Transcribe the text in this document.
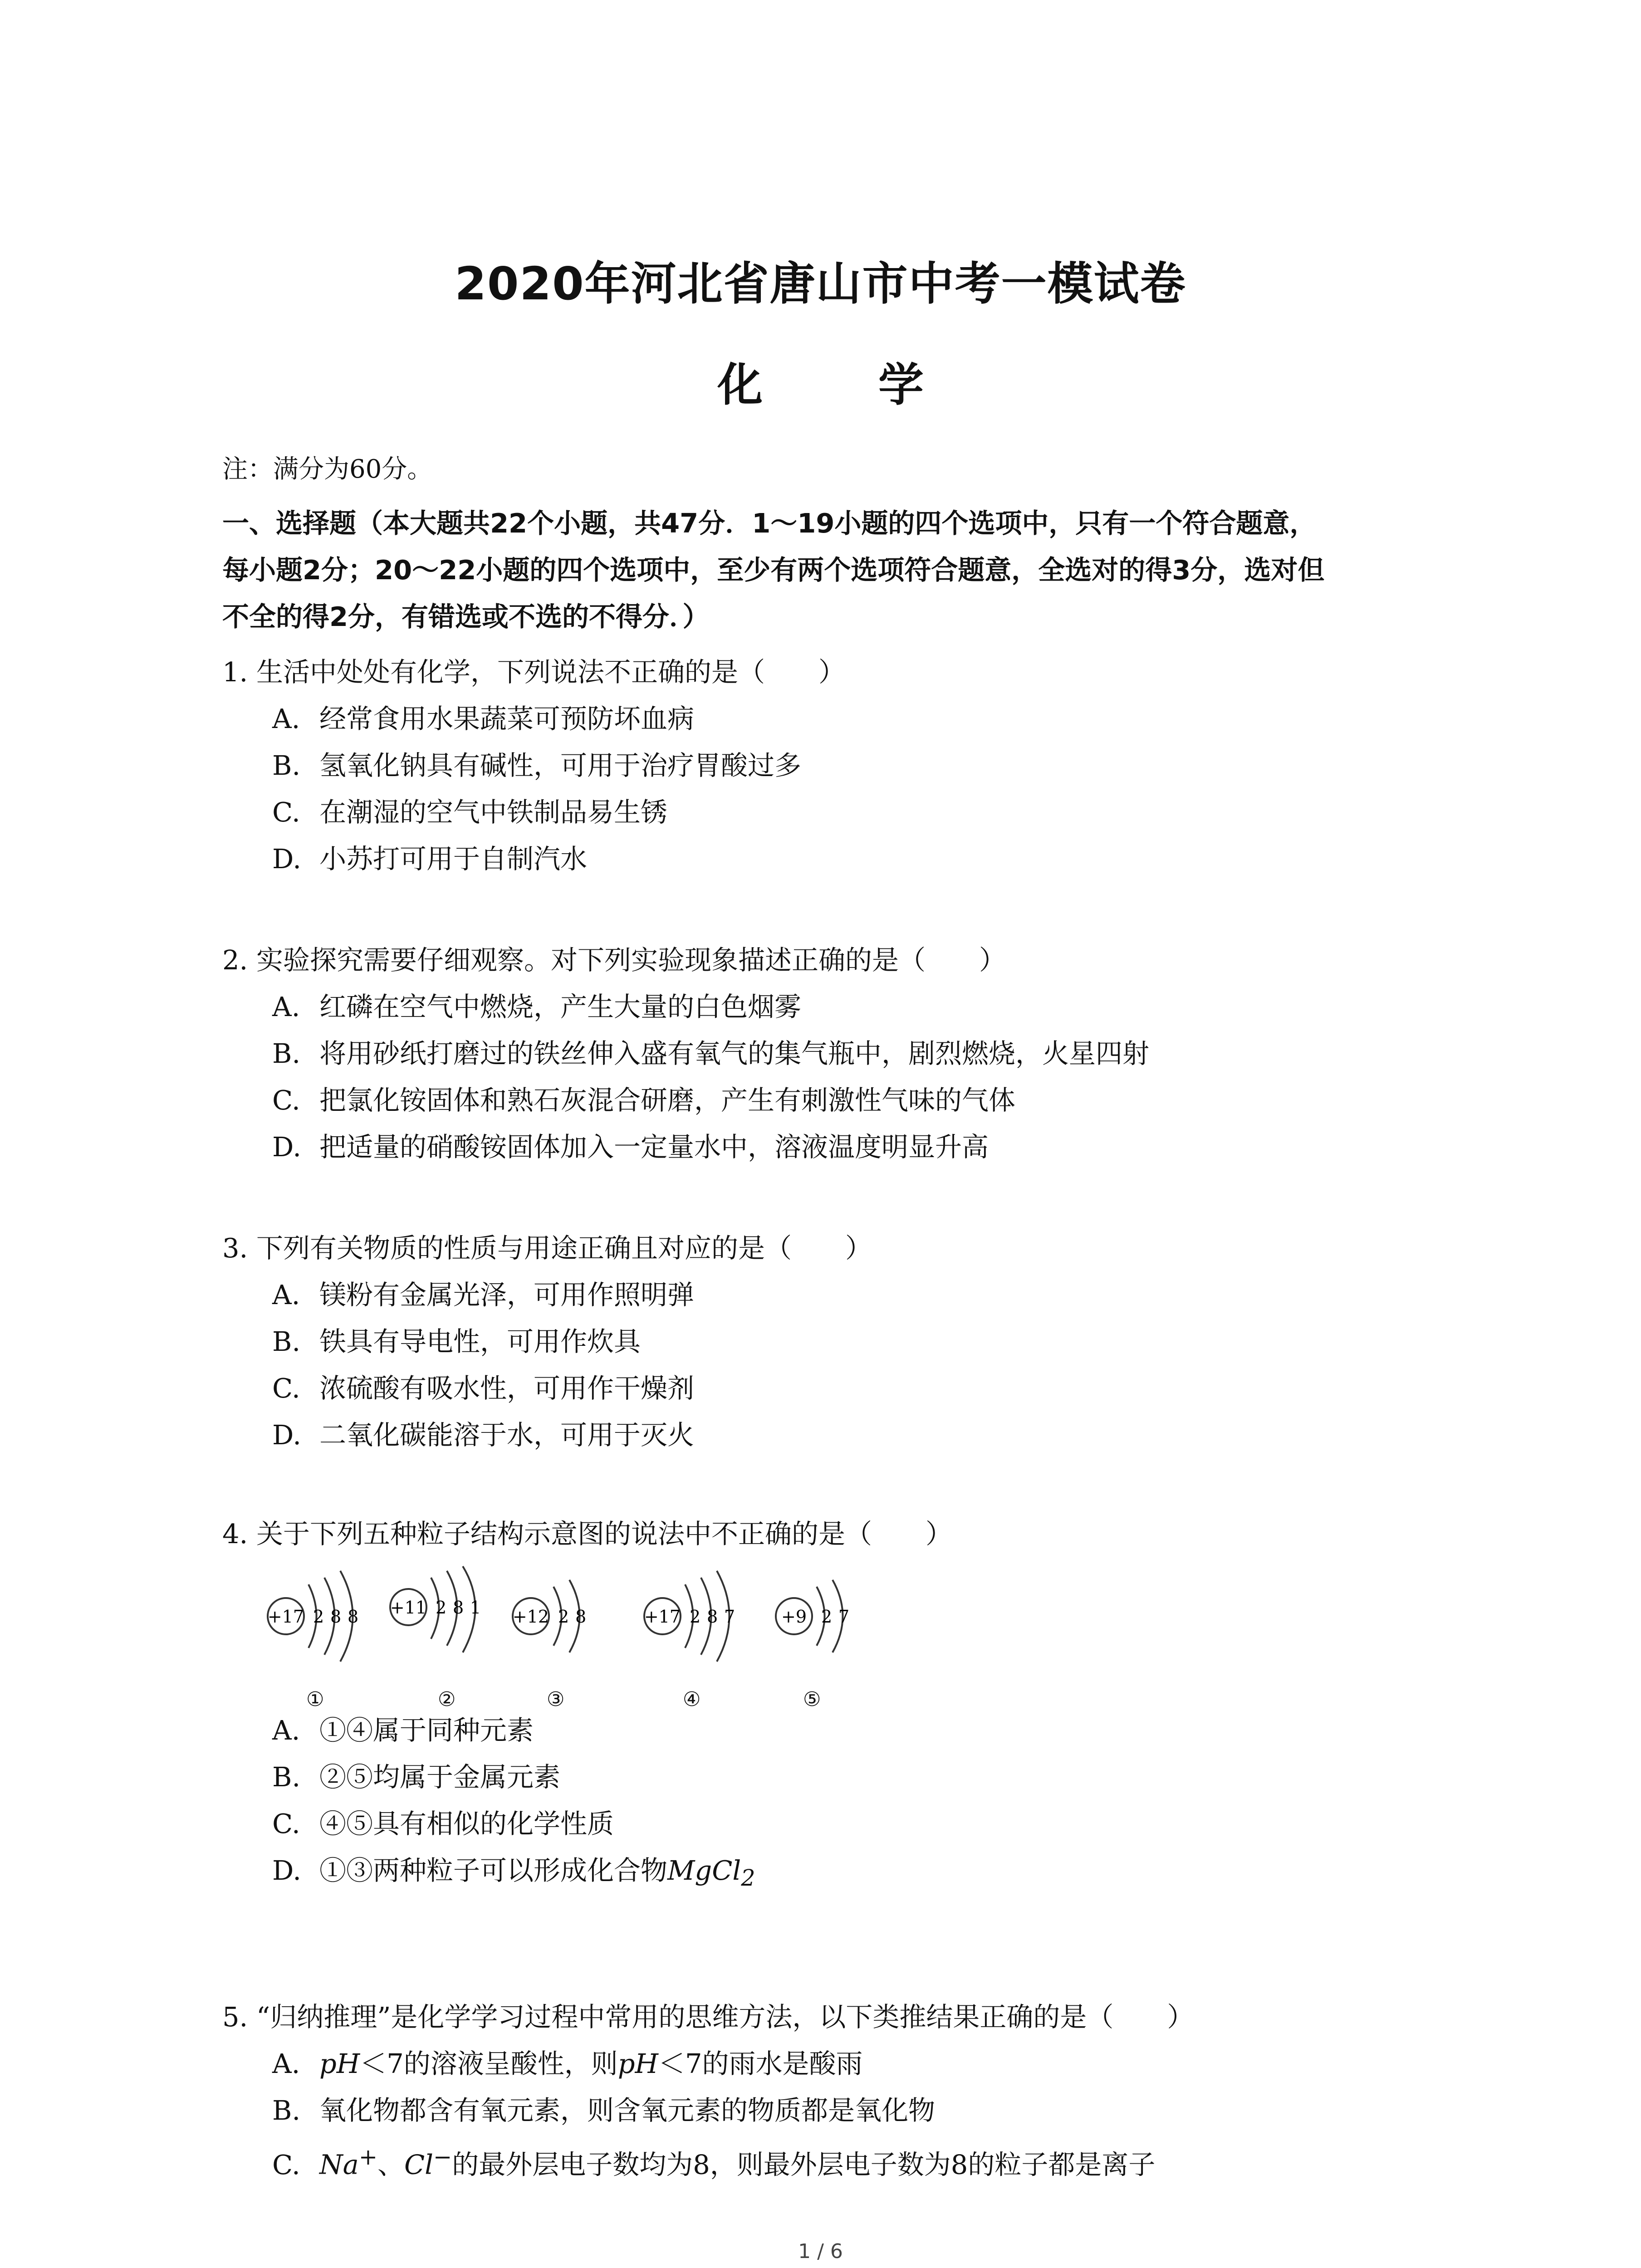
2020年河北省唐山市中考一模试卷
化 学
注：满分为60分。
一、选择题（本大题共22个小题，共47分．1～19小题的四个选项中，只有一个符合题意，
每小题2分；20～22小题的四个选项中，至少有两个选项符合题意，全选对的得3分，选对但
不全的得2分，有错选或不选的不得分．）
1. 生活中处处有化学，下列说法不正确的是（　　）
A. 经常食用水果蔬菜可预防坏血病
B. 氢氧化钠具有碱性，可用于治疗胃酸过多
C. 在潮湿的空气中铁制品易生锈
D. 小苏打可用于自制汽水
2. 实验探究需要仔细观察。对下列实验现象描述正确的是（　　）
A. 红磷在空气中燃烧，产生大量的白色烟雾
B. 将用砂纸打磨过的铁丝伸入盛有氧气的集气瓶中，剧烈燃烧，火星四射
C. 把氯化铵固体和熟石灰混合研磨，产生有刺激性气味的气体
D. 把适量的硝酸铵固体加入一定量水中，溶液温度明显升高
3. 下列有关物质的性质与用途正确且对应的是（　　）
A. 镁粉有金属光泽，可用作照明弹
B. 铁具有导电性，可用作炊具
C. 浓硫酸有吸水性，可用作干燥剂
D. 二氧化碳能溶于水，可用于灭火
4. 关于下列五种粒子结构示意图的说法中不正确的是（　　）
+17 2 8 8
①
+11 2 8 1
②
+12 2 8
③
+17 2 8 7
④
+9 2 7
⑤
A. ①④属于同种元素
B. ②⑤均属于金属元素
C. ④⑤具有相似的化学性质
D. ①③两种粒子可以形成化合物MgCl$_2$
5. “归纳推理”是化学学习过程中常用的思维方法，以下类推结果正确的是（　　）
A. pH＜7的溶液呈酸性，则pH＜7的雨水是酸雨
B. 氧化物都含有氧元素，则含氧元素的物质都是氧化物
C. Na+、Cl−的最外层电子数均为8，则最外层电子数为8的粒子都是离子
1 / 6
